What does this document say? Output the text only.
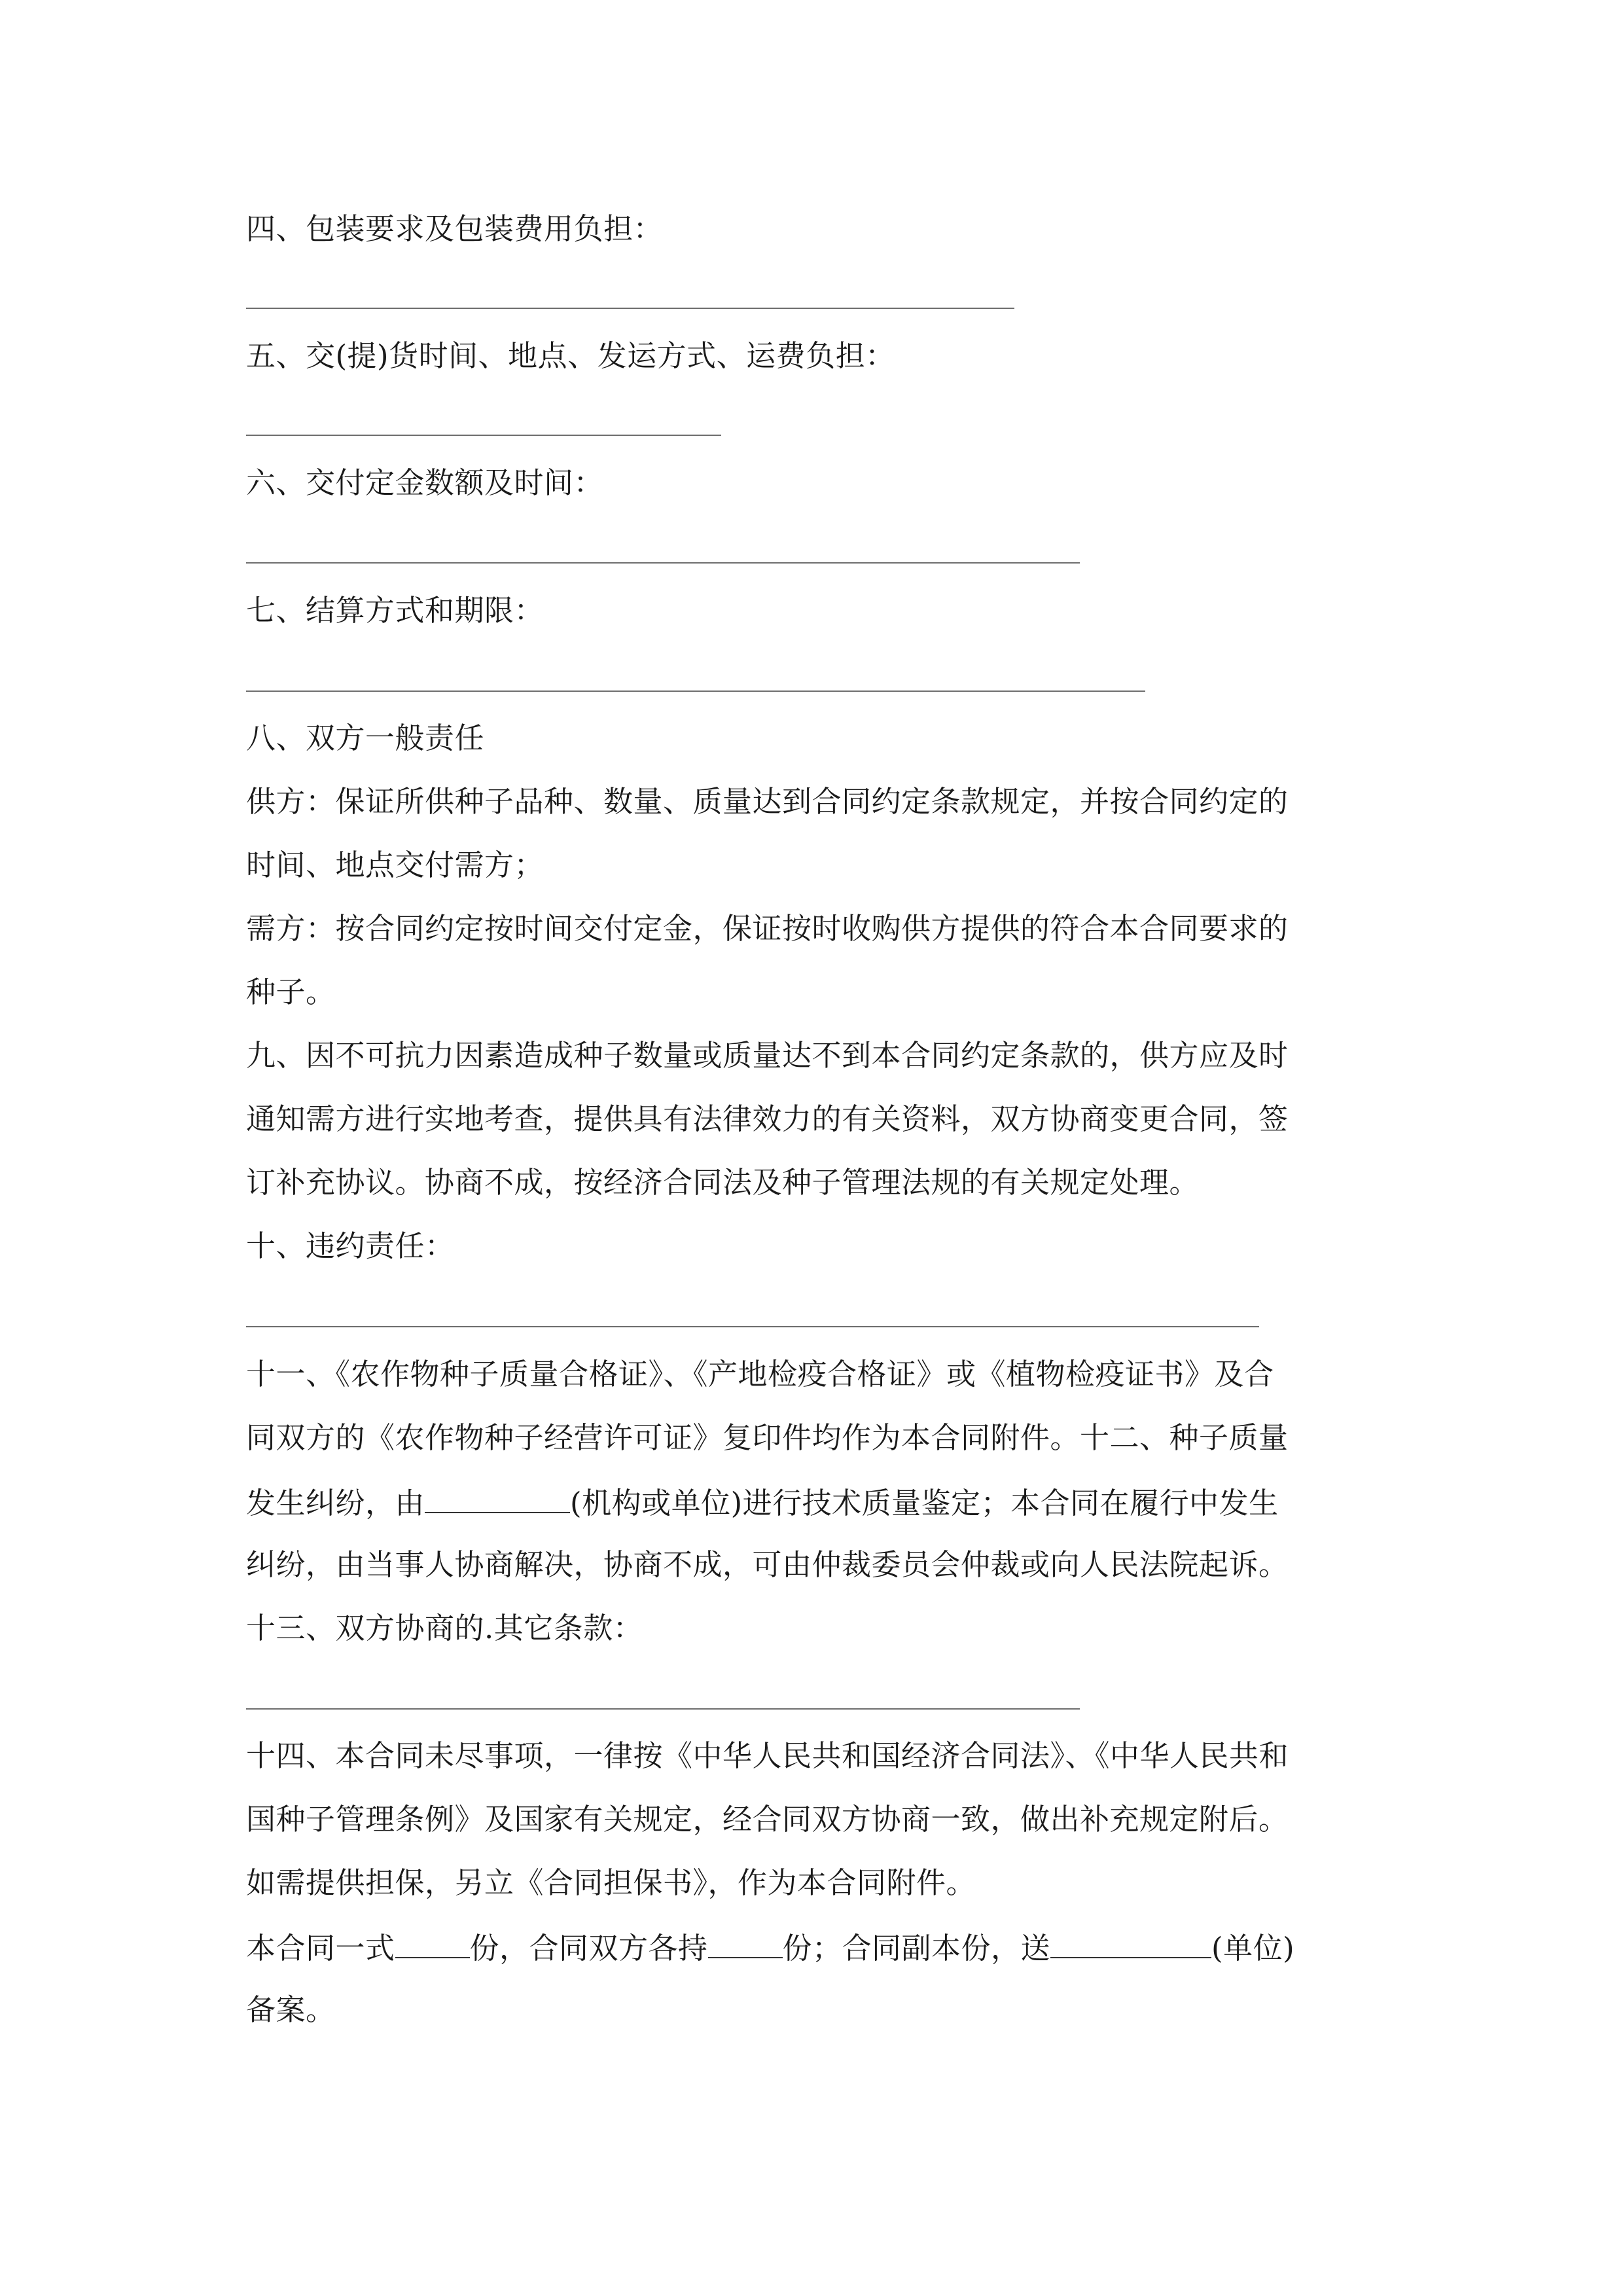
四、包装要求及包装费用负担：
五、交(提)货时间、地点、发运方式、运费负担：
六、交付定金数额及时间：
七、结算方式和期限：
八、双方一般责任
供方：保证所供种子品种、数量、质量达到合同约定条款规定，并按合同约定的
时间、地点交付需方；
需方：按合同约定按时间交付定金，保证按时收购供方提供的符合本合同要求的
种子。
九、因不可抗力因素造成种子数量或质量达不到本合同约定条款的，供方应及时
通知需方进行实地考查，提供具有法律效力的有关资料，双方协商变更合同，签
订补充协议。协商不成，按经济合同法及种子管理法规的有关规定处理。
十、违约责任：
十一、《农作物种子质量合格证》、《产地检疫合格证》或《植物检疫证书》及合
同双方的《农作物种子经营许可证》复印件均作为本合同附件。十二、种子质量
发生纠纷，由	(机构或单位)进行技术质量鉴定；本合同在履行中发生
纠纷，由当事人协商解决，协商不成，可由仲裁委员会仲裁或向人民法院起诉。
十三、双方协商的.其它条款：
十四、本合同未尽事项，一律按《中华人民共和国经济合同法》、《中华人民共和
国种子管理条例》及国家有关规定，经合同双方协商一致，做出补充规定附后。
如需提供担保，另立《合同担保书》，作为本合同附件。
本合同一式	份，合同双方各持	份；合同副本份，送	(单位)
备案。
